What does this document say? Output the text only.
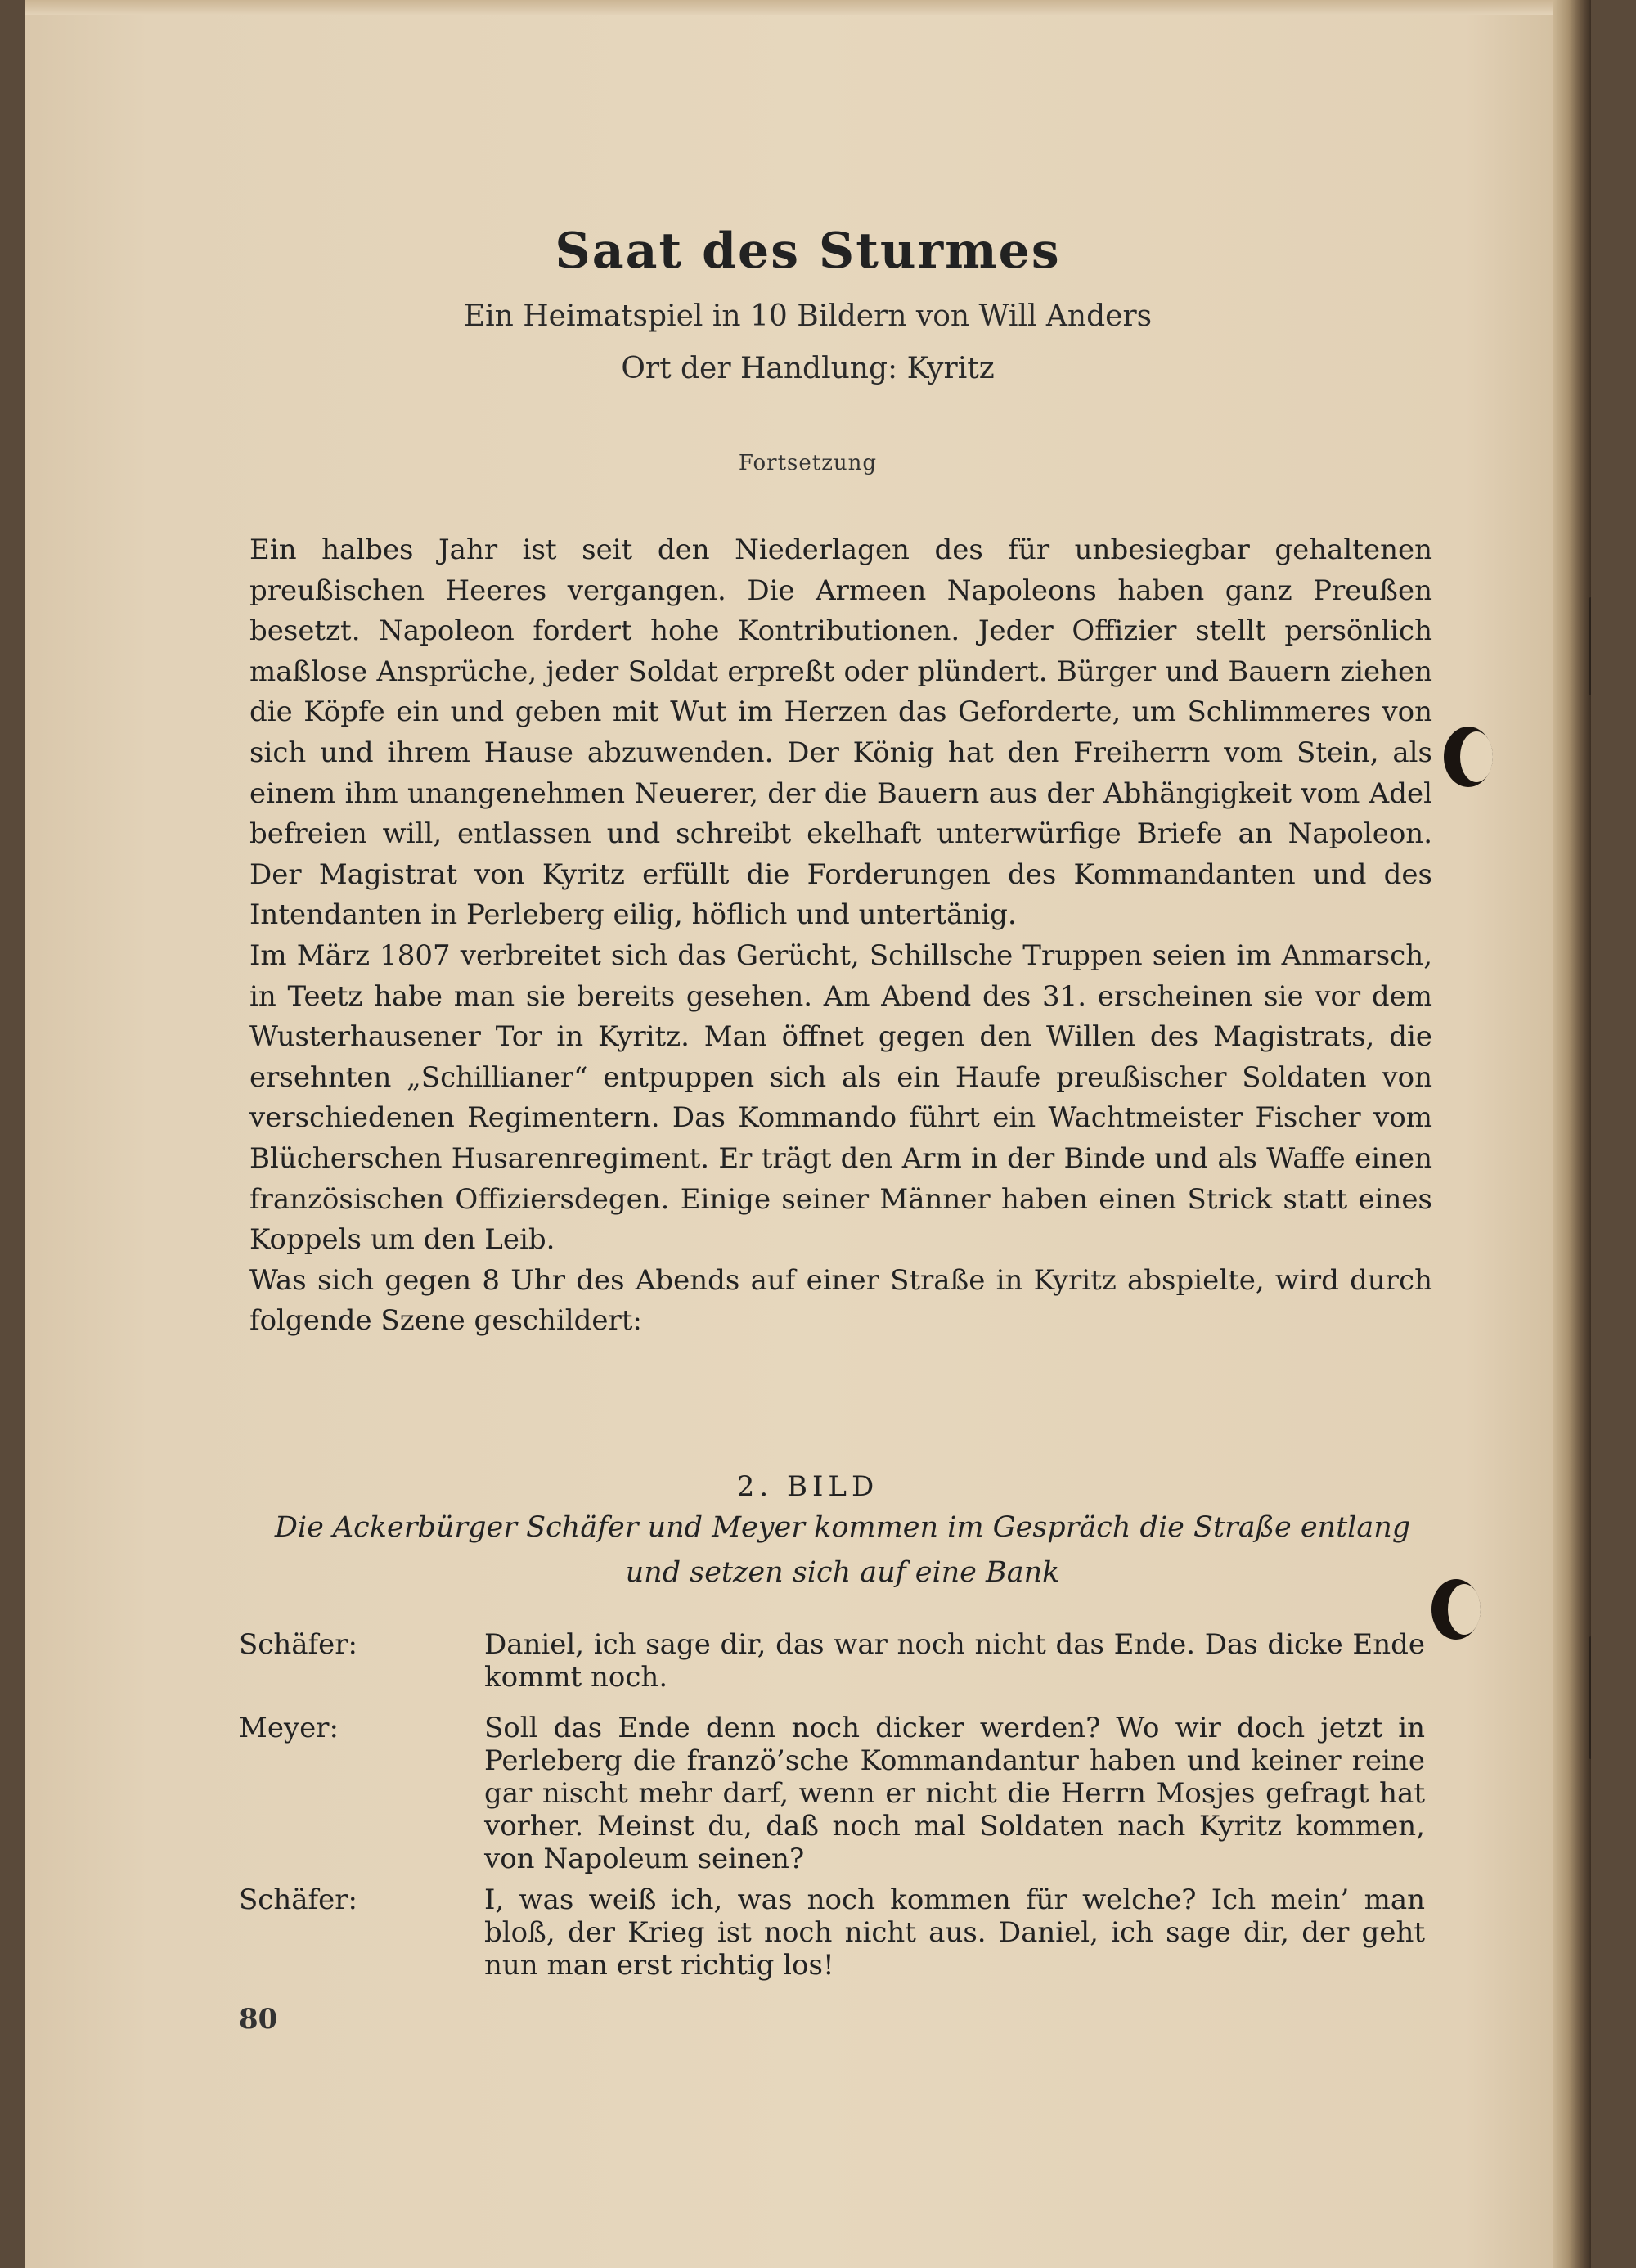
Saat des Sturmes
Ein Heimatspiel in 10 Bildern von Will Anders
Ort der Handlung: Kyritz
Fortsetzung

Ein halbes Jahr ist seit den Niederlagen des für unbesiegbar gehaltenen preußischen Heeres vergangen. Die Armeen Napoleons haben ganz Preußen besetzt. Napoleon fordert hohe Kontributionen. Jeder Offizier stellt persönlich maßlose Ansprüche, jeder Soldat erpreßt oder plündert. Bürger und Bauern ziehen die Köpfe ein und geben mit Wut im Herzen das Geforderte, um Schlimmeres von sich und ihrem Hause abzuwenden. Der König hat den Freiherrn vom Stein, als einem ihm unangenehmen Neuerer, der die Bauern aus der Abhängigkeit vom Adel befreien will, entlassen und schreibt ekelhaft unterwürfige Briefe an Napoleon. Der Magistrat von Kyritz erfüllt die Forderungen des Kommandanten und des Intendanten in Perleberg eilig, höflich und untertänig.

Im März 1807 verbreitet sich das Gerücht, Schillsche Truppen seien im Anmarsch, in Teetz habe man sie bereits gesehen. Am Abend des 31. erscheinen sie vor dem Wusterhausener Tor in Kyritz. Man öffnet gegen den Willen des Magistrats, die ersehnten „Schillianer“ entpuppen sich als ein Haufe preußischer Soldaten von verschiedenen Regimentern. Das Kommando führt ein Wachtmeister Fischer vom Blücherschen Husarenregiment. Er trägt den Arm in der Binde und als Waffe einen französischen Offiziersdegen. Einige seiner Männer haben einen Strick statt eines Koppels um den Leib.

Was sich gegen 8 Uhr des Abends auf einer Straße in Kyritz abspielte, wird durch folgende Szene geschildert:

2. BILD
Die Ackerbürger Schäfer und Meyer kommen im Gespräch die Straße entlang und setzen sich auf eine Bank
Schäfer:	Daniel, ich sage dir, das war noch nicht das Ende. Das dicke Ende kommt noch.
Meyer:	Soll das Ende denn noch dicker werden? Wo wir doch jetzt in Perleberg die franzö’sche Kommandantur haben und keiner reine gar nischt mehr darf, wenn er nicht die Herrn Mosjes gefragt hat vorher. Meinst du, daß noch mal Soldaten nach Kyritz kommen, von Napoleum seinen?
Schäfer:	I, was weiß ich, was noch kommen für welche? Ich mein’ man bloß, der Krieg ist noch nicht aus. Daniel, ich sage dir, der geht nun man erst richtig los!
80
